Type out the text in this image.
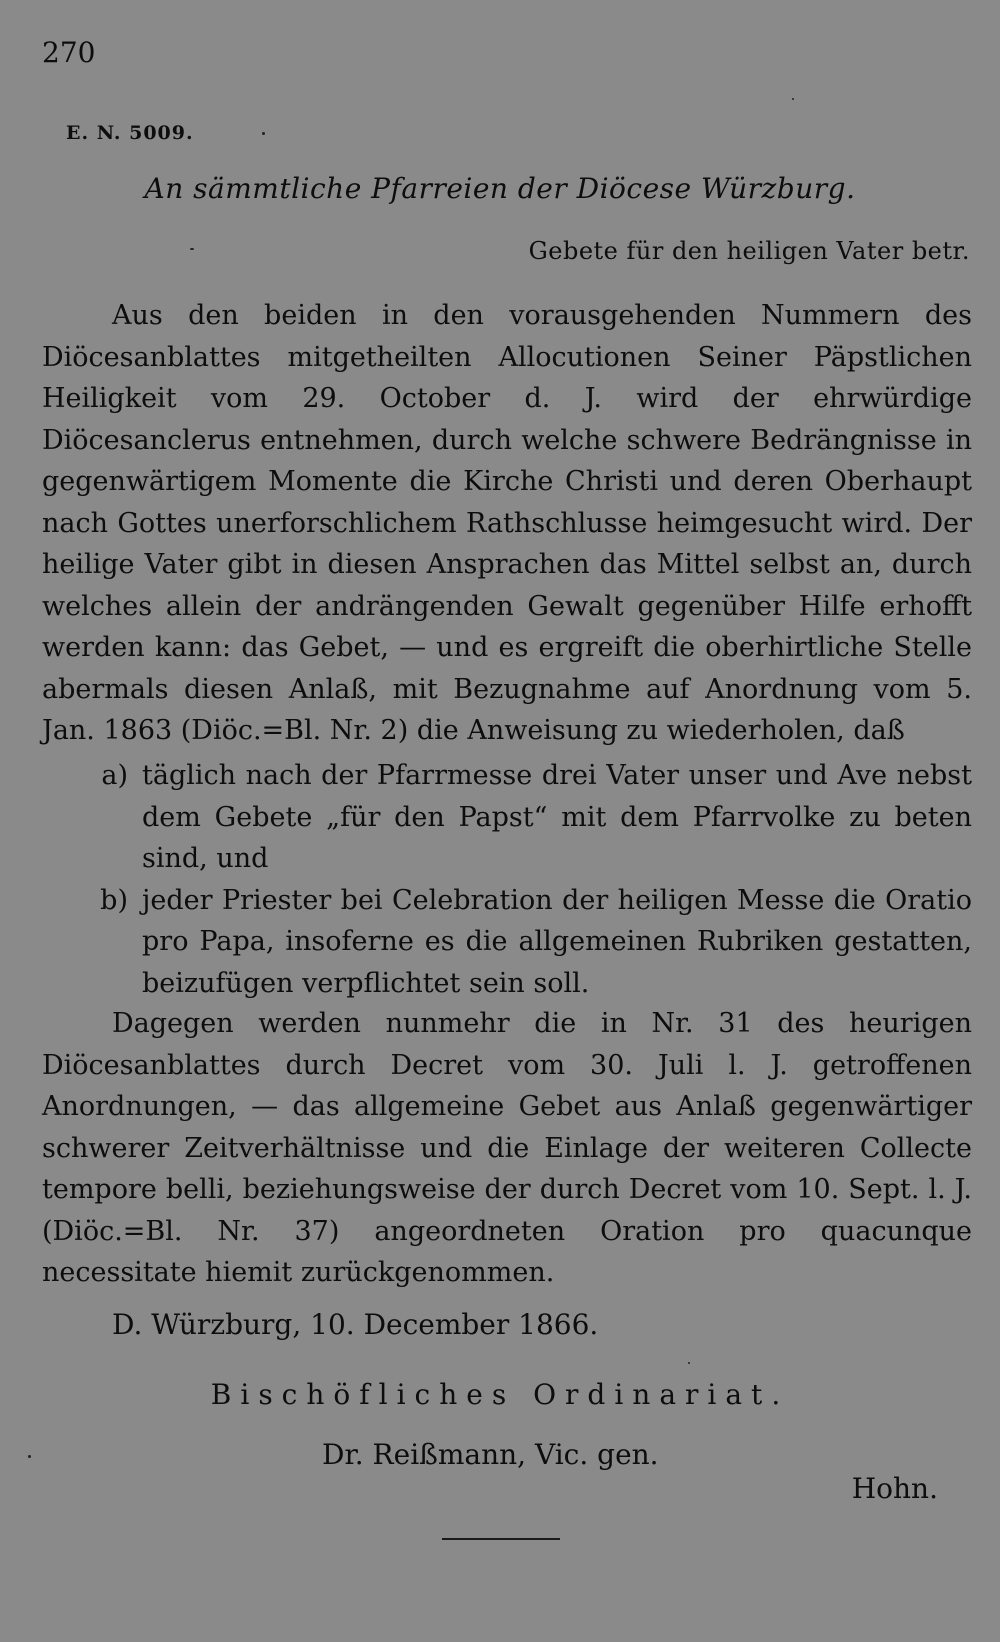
270
E. N. 5009.
An sämmtliche Pfarreien der Diöcese Würzburg.
Gebete für den heiligen Vater betr.
Aus den beiden in den vorausgehenden Nummern des Diöcesanblattes mitgetheilten Allocutionen Seiner Päpstlichen Heiligkeit vom 29. October d. J. wird der ehrwürdige Diöcesanclerus entnehmen, durch welche schwere Bedrängnisse in gegenwärtigem Momente die Kirche Christi und deren Oberhaupt nach Gottes unerforschlichem Rathschlusse heimgesucht wird. Der heilige Vater gibt in diesen Ansprachen das Mittel selbst an, durch welches allein der andrängenden Gewalt gegenüber Hilfe erhofft werden kann: das Gebet, — und es ergreift die oberhirtliche Stelle abermals diesen Anlaß, mit Bezugnahme auf Anordnung vom 5. Jan. 1863 (Diöc.=Bl. Nr. 2) die Anweisung zu wiederholen, daß
a) täglich nach der Pfarrmesse drei Vater unser und Ave nebst dem Gebete „für den Papst“ mit dem Pfarrvolke zu beten sind, und
b) jeder Priester bei Celebration der heiligen Messe die Oratio pro Papa, insoferne es die allgemeinen Rubriken gestatten, beizufügen verpflichtet sein soll.
Dagegen werden nunmehr die in Nr. 31 des heurigen Diöcesanblattes durch Decret vom 30. Juli l. J. getroffenen Anordnungen, — das allgemeine Gebet aus Anlaß gegenwärtiger schwerer Zeitverhältnisse und die Einlage der weiteren Collecte tempore belli, beziehungsweise der durch Decret vom 10. Sept. l. J. (Diöc.=Bl. Nr. 37) angeordneten Oration pro quacunque necessitate hiemit zurückgenommen.
D. Würzburg, 10. December 1866.
Bischöfliches Ordinariat.
Dr. Reißmann, Vic. gen.
Hohn.
